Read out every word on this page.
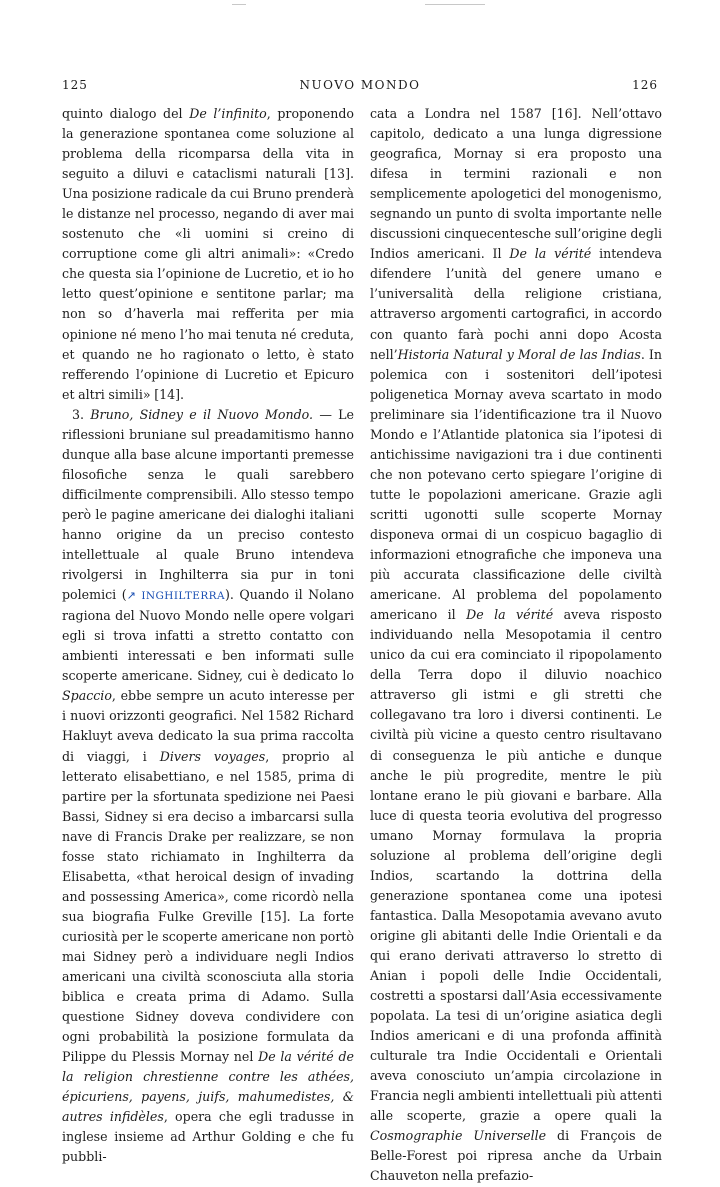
125	NUOVO MONDO	126

quinto dialogo del De l’infinito, proponendo la generazione spontanea come soluzione al problema della ricomparsa della vita in seguito a diluvi e cataclismi naturali [13]. Una posizione radicale da cui Bruno prenderà le distanze nel processo, negando di aver mai sostenuto che «li uomini si creino di corruptione come gli altri animali»: «Credo che questa sia l’opinione de Lucretio, et io ho letto quest’opinione e sentitone parlar; ma non so d’haverla mai refferita per mia opinione né meno l’ho mai tenuta né creduta, et quando ne ho ragionato o letto, è stato refferendo l’opinione di Lucretio et Epicuro et altri simili» [14].

3. Bruno, Sidney e il Nuovo Mondo. — Le riflessioni bruniane sul preadamitismo hanno dunque alla base alcune importanti premesse filosofiche senza le quali sarebbero difficilmente comprensibili. Allo stesso tempo però le pagine americane dei dialoghi italiani hanno origine da un preciso contesto intellettuale al quale Bruno intendeva rivolgersi in Inghilterra sia pur in toni polemici (↗ INGHILTERRA). Quando il Nolano ragiona del Nuovo Mondo nelle opere volgari egli si trova infatti a stretto contatto con ambienti interessati e ben informati sulle scoperte americane. Sidney, cui è dedicato lo Spaccio, ebbe sempre un acuto interesse per i nuovi orizzonti geografici. Nel 1582 Richard Hakluyt aveva dedicato la sua prima raccolta di viaggi, i Divers voyages, proprio al letterato elisabettiano, e nel 1585, prima di partire per la sfortunata spedizione nei Paesi Bassi, Sidney si era deciso a imbarcarsi sulla nave di Francis Drake per realizzare, se non fosse stato richiamato in Inghilterra da Elisabetta, «that heroical design of invading and possessing America», come ricordò nella sua biografia Fulke Greville [15]. La forte curiosità per le scoperte americane non portò mai Sidney però a individuare negli Indios americani una civiltà sconosciuta alla storia biblica e creata prima di Adamo. Sulla questione Sidney doveva condividere con ogni probabilità la posizione formulata da Pilippe du Plessis Mornay nel De la vérité de la religion chrestienne contre les athées, épicuriens, payens, juifs, mahumedistes, & autres infidèles, opera che egli tradusse in inglese insieme ad Arthur Golding e che fu pubbli-

cata a Londra nel 1587 [16]. Nell’ottavo capitolo, dedicato a una lunga digressione geografica, Mornay si era proposto una difesa in termini razionali e non semplicemente apologetici del monogenismo, segnando un punto di svolta importante nelle discussioni cinquecentesche sull’origine degli Indios americani. Il De la vérité intendeva difendere l’unità del genere umano e l’universalità della religione cristiana, attraverso argomenti cartografici, in accordo con quanto farà pochi anni dopo Acosta nell’Historia Natural y Moral de las Indias. In polemica con i sostenitori dell’ipotesi poligenetica Mornay aveva scartato in modo preliminare sia l’identificazione tra il Nuovo Mondo e l’Atlantide platonica sia l’ipotesi di antichissime navigazioni tra i due continenti che non potevano certo spiegare l’origine di tutte le popolazioni americane. Grazie agli scritti ugonotti sulle scoperte Mornay disponeva ormai di un cospicuo bagaglio di informazioni etnografiche che imponeva una più accurata classificazione delle civiltà americane. Al problema del popolamento americano il De la vérité aveva risposto individuando nella Mesopotamia il centro unico da cui era cominciato il ripopolamento della Terra dopo il diluvio noachico attraverso gli istmi e gli stretti che collegavano tra loro i diversi continenti. Le civiltà più vicine a questo centro risultavano di conseguenza le più antiche e dunque anche le più progredite, mentre le più lontane erano le più giovani e barbare. Alla luce di questa teoria evolutiva del progresso umano Mornay formulava la propria soluzione al problema dell’origine degli Indios, scartando la dottrina della generazione spontanea come una ipotesi fantastica. Dalla Mesopotamia avevano avuto origine gli abitanti delle Indie Orientali e da qui erano derivati attraverso lo stretto di Anian i popoli delle Indie Occidentali, costretti a spostarsi dall’Asia eccessivamente popolata. La tesi di un’origine asiatica degli Indios americani e di una profonda affinità culturale tra Indie Occidentali e Orientali aveva conosciuto un’ampia circolazione in Francia negli ambienti intellettuali più attenti alle scoperte, grazie a opere quali la Cosmographie Universelle di François de Belle-Forest poi ripresa anche da Urbain Chauveton nella prefazio-
